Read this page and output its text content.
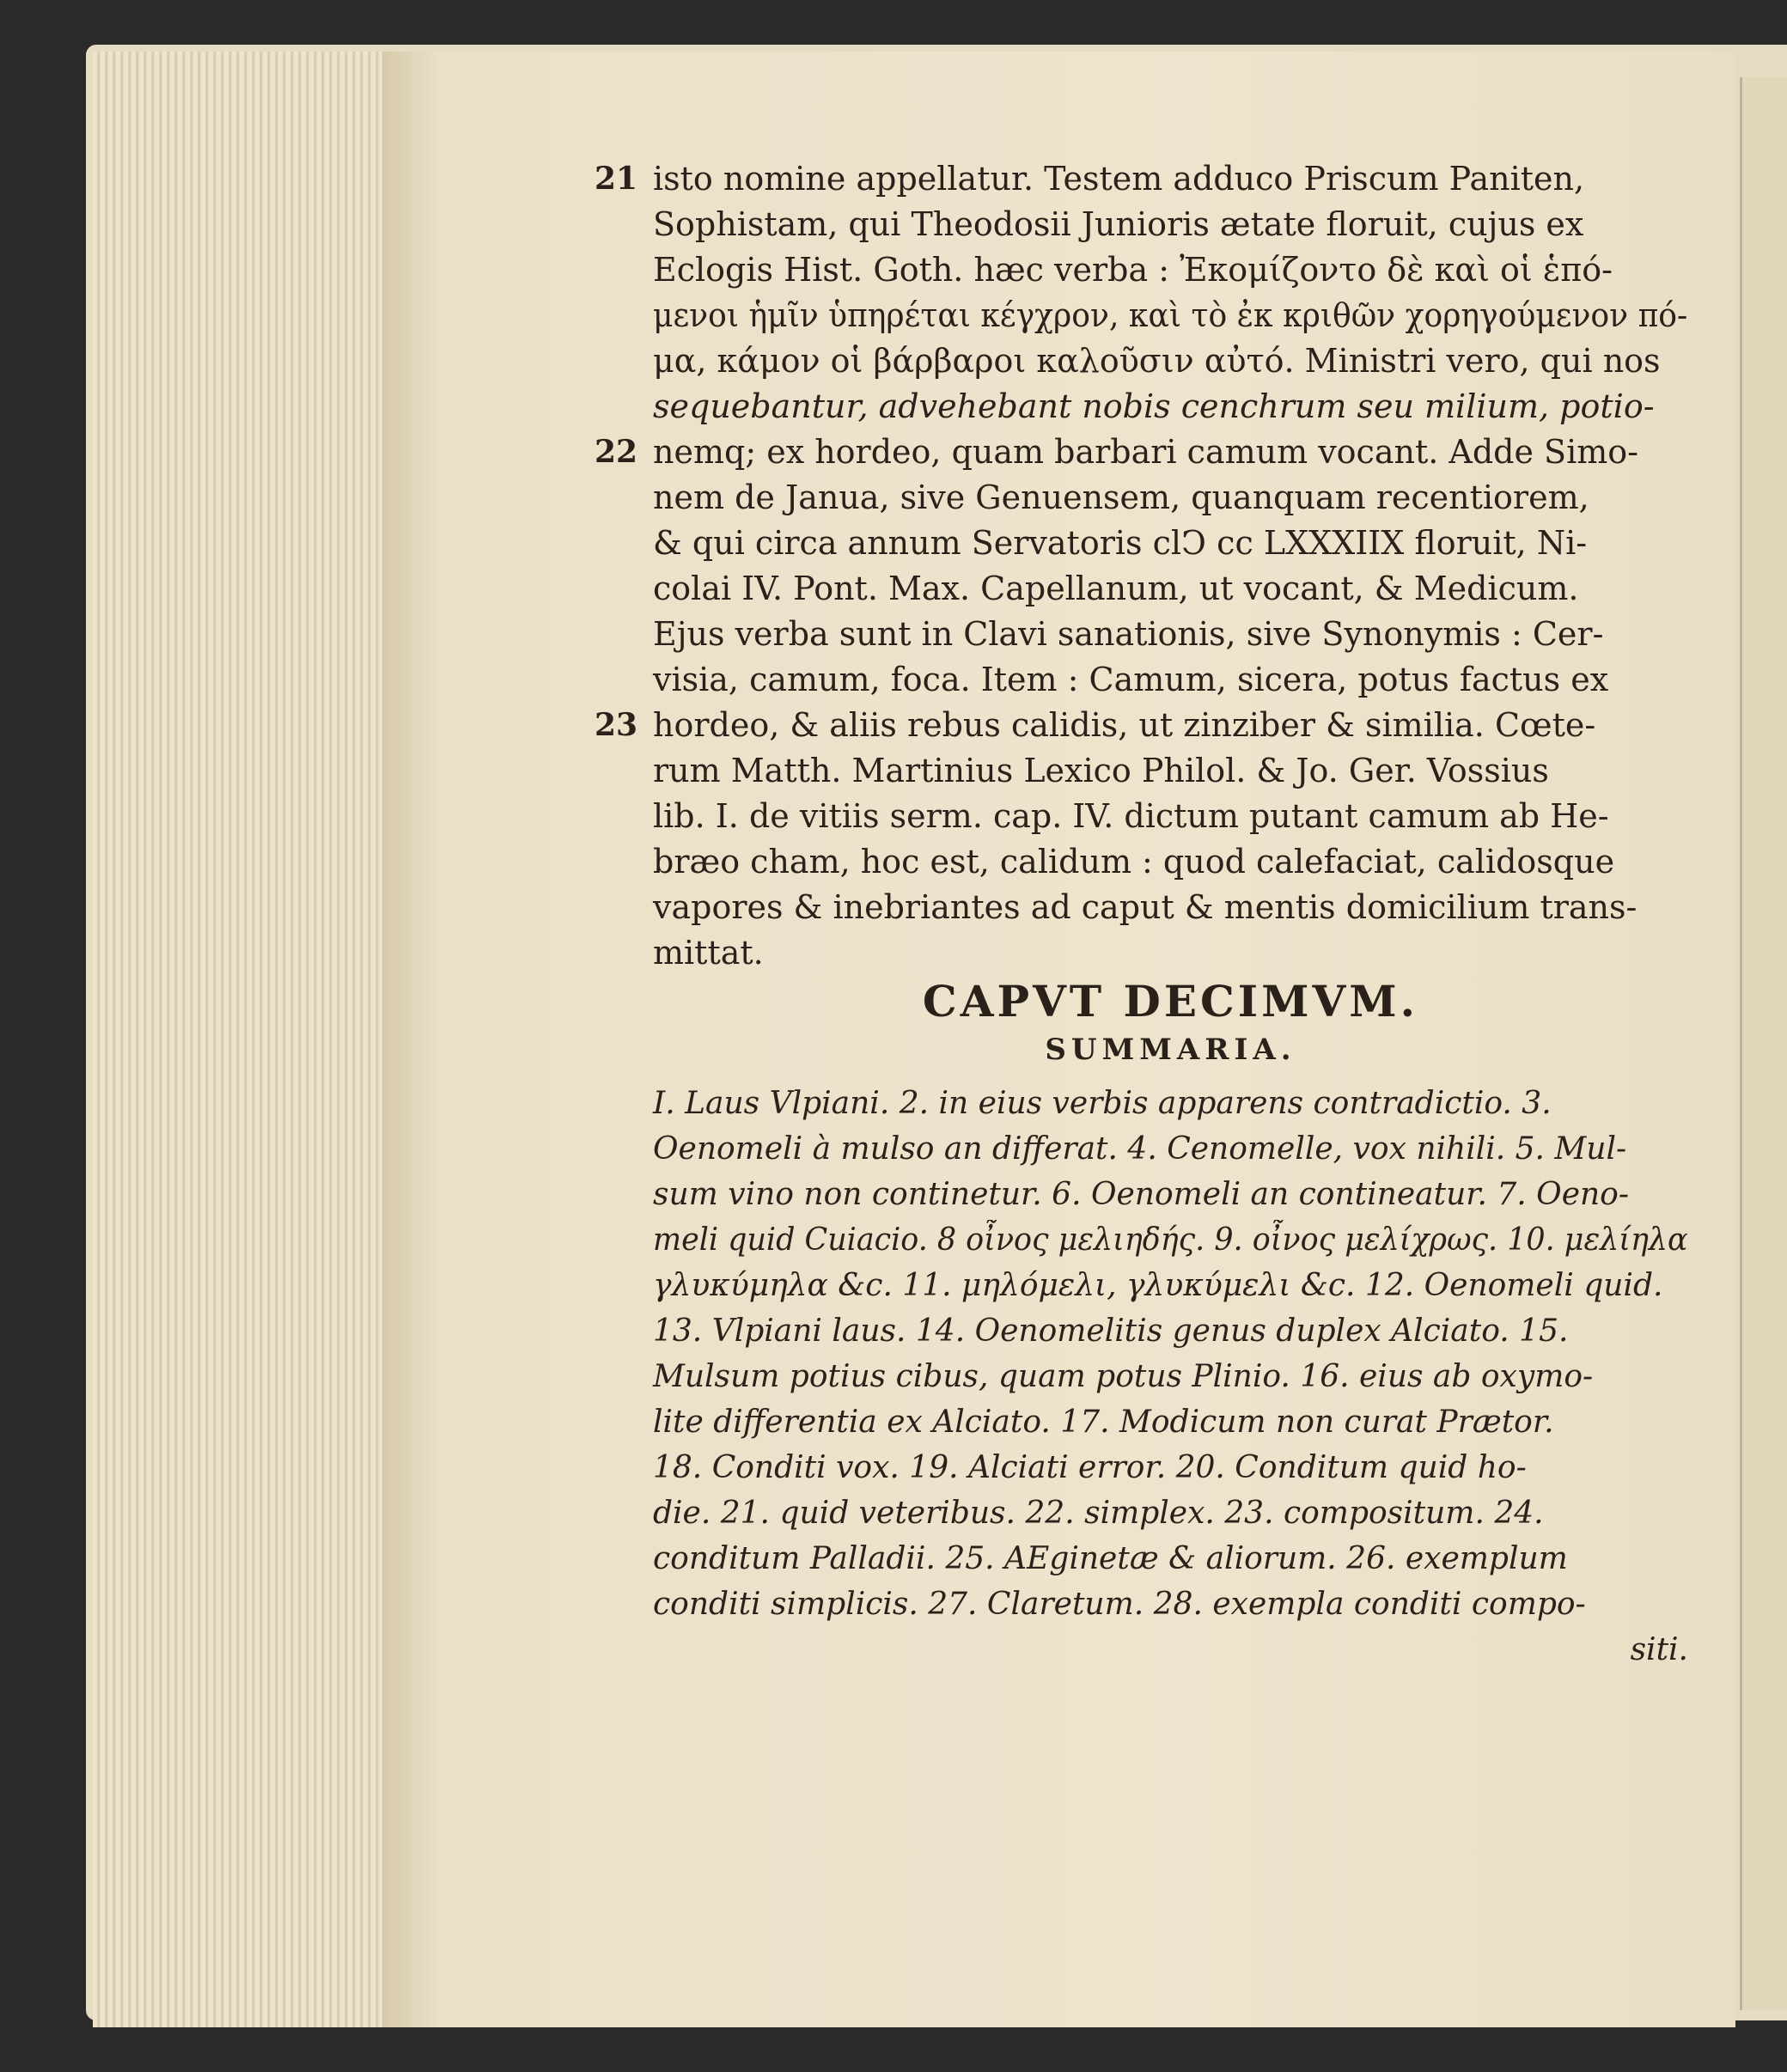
21 isto nomine appellatur. Testem adduco Priscum Paniten,
Sophistam, qui Theodosii Junioris ætate floruit, cujus ex
Eclogis Hist. Goth. hæc verba : Ἐκομίζοντο δὲ καὶ οἱ ἑπό-
μενοι ἡμῖν ὑπηρέται κέγχρον, καὶ τὸ ἐκ κριθῶν χορηγούμενον πό-
μα, κάμον οἱ βάρβαροι καλοῦσιν αὐτό. Ministri vero, qui nos
sequebantur, advehebant nobis cenchrum seu milium, potio-
22 nemq; ex hordeo, quam barbari camum vocant. Adde Simo-
nem de Janua, sive Genuensem, quanquam recentiorem,
& qui circa annum Servatoris clↃ cc LXXXIIX floruit, Ni-
colai IV. Pont. Max. Capellanum, ut vocant, & Medicum.
Ejus verba sunt in Clavi sanationis, sive Synonymis : Cer-
visia, camum, foca. Item : Camum, sicera, potus factus ex
23 hordeo, & aliis rebus calidis, ut zinziber & similia. Cœte-
rum Matth. Martinius Lexico Philol. & Jo. Ger. Vossius
lib. I. de vitiis serm. cap. IV. dictum putant camum ab He-
bræo cham, hoc est, calidum : quod calefaciat, calidosque
vapores & inebriantes ad caput & mentis domicilium trans-
mittat.
CAPVT DECIMVM.
SUMMARIA.
I. Laus Vlpiani. 2. in eius verbis apparens contradictio. 3.
Oenomeli à mulso an differat. 4. Cenomelle, vox nihili. 5. Mul-
sum vino non continetur. 6. Oenomeli an contineatur. 7. Oeno-
meli quid Cuiacio. 8 οἶνος μελιηδής. 9. οἶνος μελίχρως. 10. μελίηλα
γλυκύμηλα &c. 11. μηλόμελι, γλυκύμελι &c. 12. Oenomeli quid.
13. Vlpiani laus. 14. Oenomelitis genus duplex Alciato. 15.
Mulsum potius cibus, quam potus Plinio. 16. eius ab oxymo-
lite differentia ex Alciato. 17. Modicum non curat Prætor.
18. Conditi vox. 19. Alciati error. 20. Conditum quid ho-
die. 21. quid veteribus. 22. simplex. 23. compositum. 24.
conditum Palladii. 25. AEginetæ & aliorum. 26. exemplum
conditi simplicis. 27. Claretum. 28. exempla conditi compo-
siti.
